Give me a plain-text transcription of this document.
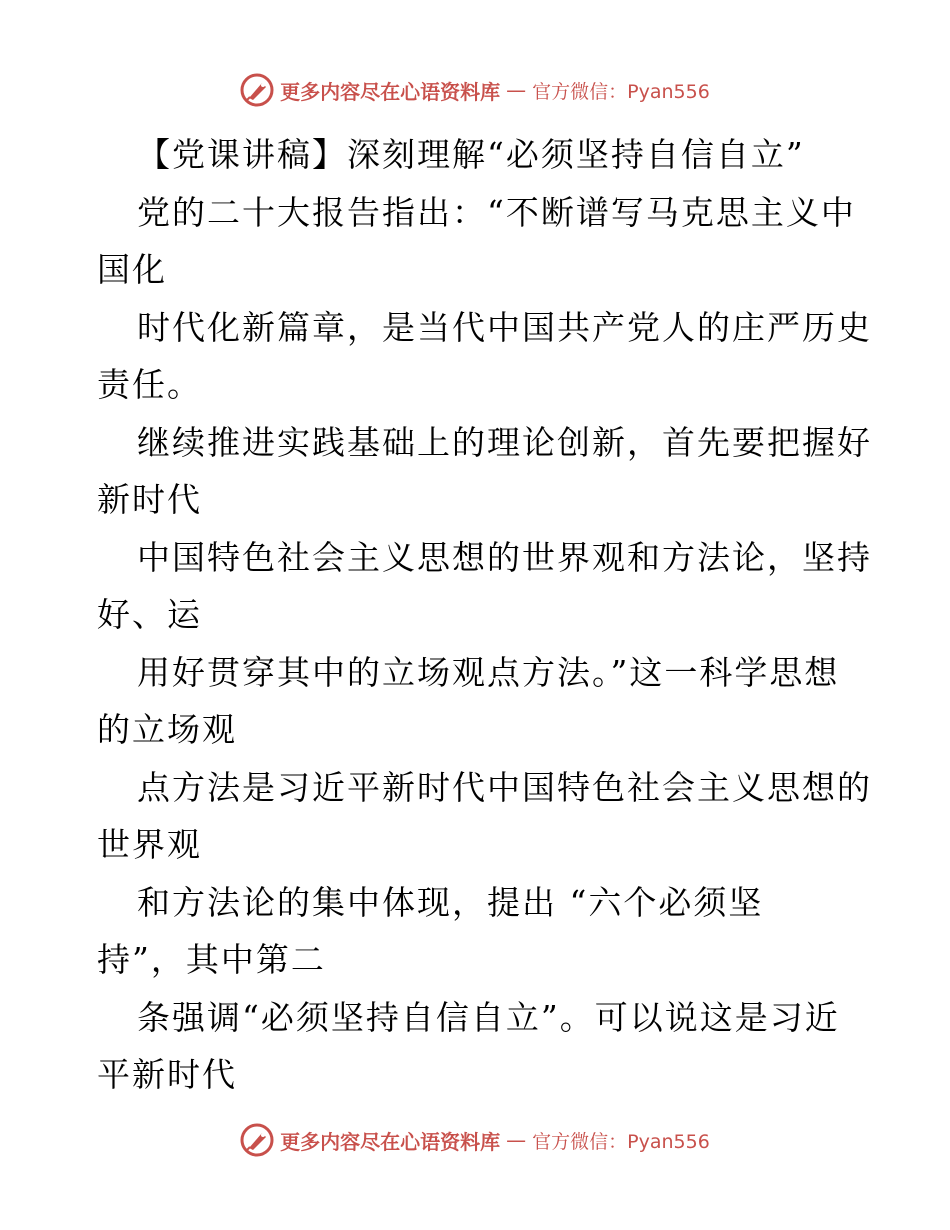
更多内容尽在心语资料库 — 官方微信：Pyan556
【党课讲稿】深刻理解“必须坚持自信自立”
党的二十大报告指出：“不断谱写马克思主义中
国化
时代化新篇章，是当代中国共产党人的庄严历史
责任。
继续推进实践基础上的理论创新，首先要把握好
新时代
中国特色社会主义思想的世界观和方法论，坚持
好、运
用好贯穿其中的立场观点方法。”这一科学思想
的立场观
点方法是习近平新时代中国特色社会主义思想的
世界观
和方法论的集中体现，提出 “六个必须坚
持”，其中第二
条强调“必须坚持自信自立”。可以说这是习近
平新时代
更多内容尽在心语资料库 — 官方微信：Pyan556
